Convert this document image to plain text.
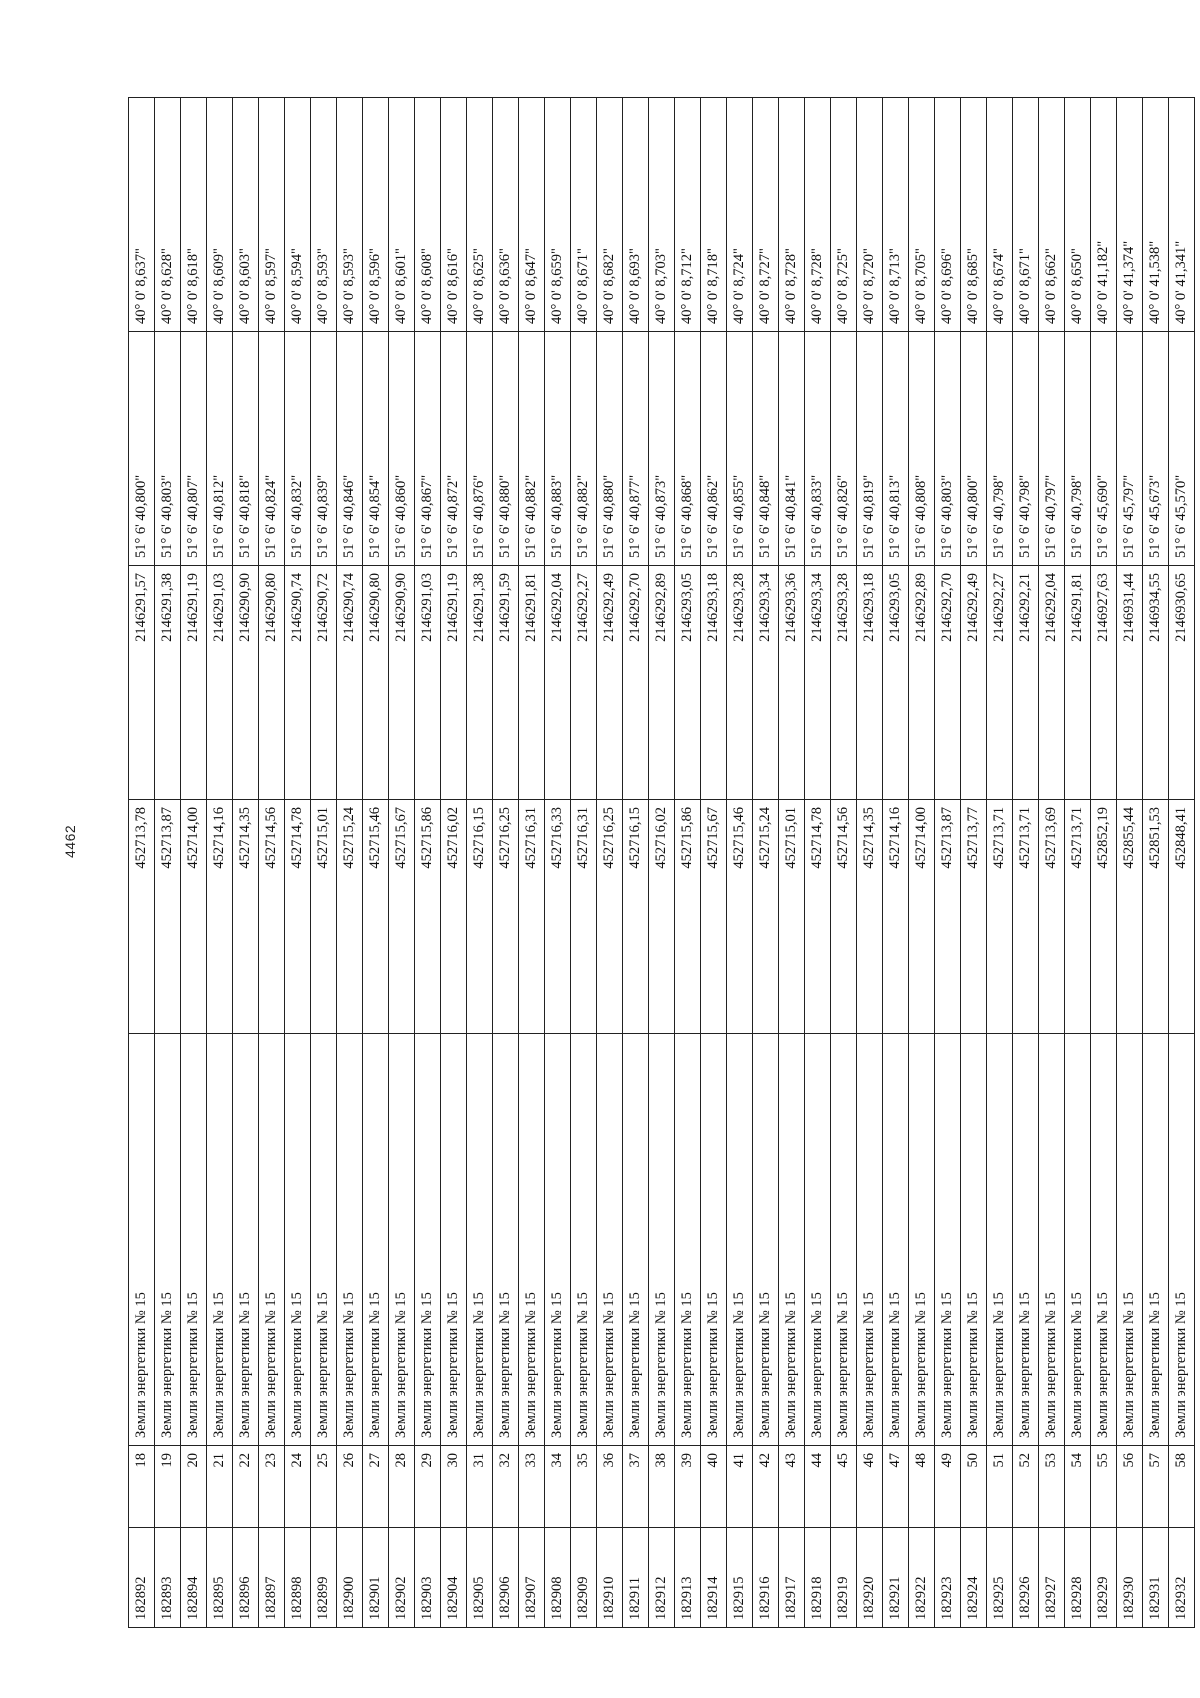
4462
182892	18	Земли энергетики № 15	452713,78	2146291,57	51° 6' 40,800"	40° 0' 8,637"
182893	19	Земли энергетики № 15	452713,87	2146291,38	51° 6' 40,803"	40° 0' 8,628"
182894	20	Земли энергетики № 15	452714,00	2146291,19	51° 6' 40,807"	40° 0' 8,618"
182895	21	Земли энергетики № 15	452714,16	2146291,03	51° 6' 40,812"	40° 0' 8,609"
182896	22	Земли энергетики № 15	452714,35	2146290,90	51° 6' 40,818"	40° 0' 8,603"
182897	23	Земли энергетики № 15	452714,56	2146290,80	51° 6' 40,824"	40° 0' 8,597"
182898	24	Земли энергетики № 15	452714,78	2146290,74	51° 6' 40,832"	40° 0' 8,594"
182899	25	Земли энергетики № 15	452715,01	2146290,72	51° 6' 40,839"	40° 0' 8,593"
182900	26	Земли энергетики № 15	452715,24	2146290,74	51° 6' 40,846"	40° 0' 8,593"
182901	27	Земли энергетики № 15	452715,46	2146290,80	51° 6' 40,854"	40° 0' 8,596"
182902	28	Земли энергетики № 15	452715,67	2146290,90	51° 6' 40,860"	40° 0' 8,601"
182903	29	Земли энергетики № 15	452715,86	2146291,03	51° 6' 40,867"	40° 0' 8,608"
182904	30	Земли энергетики № 15	452716,02	2146291,19	51° 6' 40,872"	40° 0' 8,616"
182905	31	Земли энергетики № 15	452716,15	2146291,38	51° 6' 40,876"	40° 0' 8,625"
182906	32	Земли энергетики № 15	452716,25	2146291,59	51° 6' 40,880"	40° 0' 8,636"
182907	33	Земли энергетики № 15	452716,31	2146291,81	51° 6' 40,882"	40° 0' 8,647"
182908	34	Земли энергетики № 15	452716,33	2146292,04	51° 6' 40,883"	40° 0' 8,659"
182909	35	Земли энергетики № 15	452716,31	2146292,27	51° 6' 40,882"	40° 0' 8,671"
182910	36	Земли энергетики № 15	452716,25	2146292,49	51° 6' 40,880"	40° 0' 8,682"
182911	37	Земли энергетики № 15	452716,15	2146292,70	51° 6' 40,877"	40° 0' 8,693"
182912	38	Земли энергетики № 15	452716,02	2146292,89	51° 6' 40,873"	40° 0' 8,703"
182913	39	Земли энергетики № 15	452715,86	2146293,05	51° 6' 40,868"	40° 0' 8,712"
182914	40	Земли энергетики № 15	452715,67	2146293,18	51° 6' 40,862"	40° 0' 8,718"
182915	41	Земли энергетики № 15	452715,46	2146293,28	51° 6' 40,855"	40° 0' 8,724"
182916	42	Земли энергетики № 15	452715,24	2146293,34	51° 6' 40,848"	40° 0' 8,727"
182917	43	Земли энергетики № 15	452715,01	2146293,36	51° 6' 40,841"	40° 0' 8,728"
182918	44	Земли энергетики № 15	452714,78	2146293,34	51° 6' 40,833"	40° 0' 8,728"
182919	45	Земли энергетики № 15	452714,56	2146293,28	51° 6' 40,826"	40° 0' 8,725"
182920	46	Земли энергетики № 15	452714,35	2146293,18	51° 6' 40,819"	40° 0' 8,720"
182921	47	Земли энергетики № 15	452714,16	2146293,05	51° 6' 40,813"	40° 0' 8,713"
182922	48	Земли энергетики № 15	452714,00	2146292,89	51° 6' 40,808"	40° 0' 8,705"
182923	49	Земли энергетики № 15	452713,87	2146292,70	51° 6' 40,803"	40° 0' 8,696"
182924	50	Земли энергетики № 15	452713,77	2146292,49	51° 6' 40,800"	40° 0' 8,685"
182925	51	Земли энергетики № 15	452713,71	2146292,27	51° 6' 40,798"	40° 0' 8,674"
182926	52	Земли энергетики № 15	452713,71	2146292,21	51° 6' 40,798"	40° 0' 8,671"
182927	53	Земли энергетики № 15	452713,69	2146292,04	51° 6' 40,797"	40° 0' 8,662"
182928	54	Земли энергетики № 15	452713,71	2146291,81	51° 6' 40,798"	40° 0' 8,650"
182929	55	Земли энергетики № 15	452852,19	2146927,63	51° 6' 45,690"	40° 0' 41,182"
182930	56	Земли энергетики № 15	452855,44	2146931,44	51° 6' 45,797"	40° 0' 41,374"
182931	57	Земли энергетики № 15	452851,53	2146934,55	51° 6' 45,673"	40° 0' 41,538"
182932	58	Земли энергетики № 15	452848,41	2146930,65	51° 6' 45,570"	40° 0' 41,341"
